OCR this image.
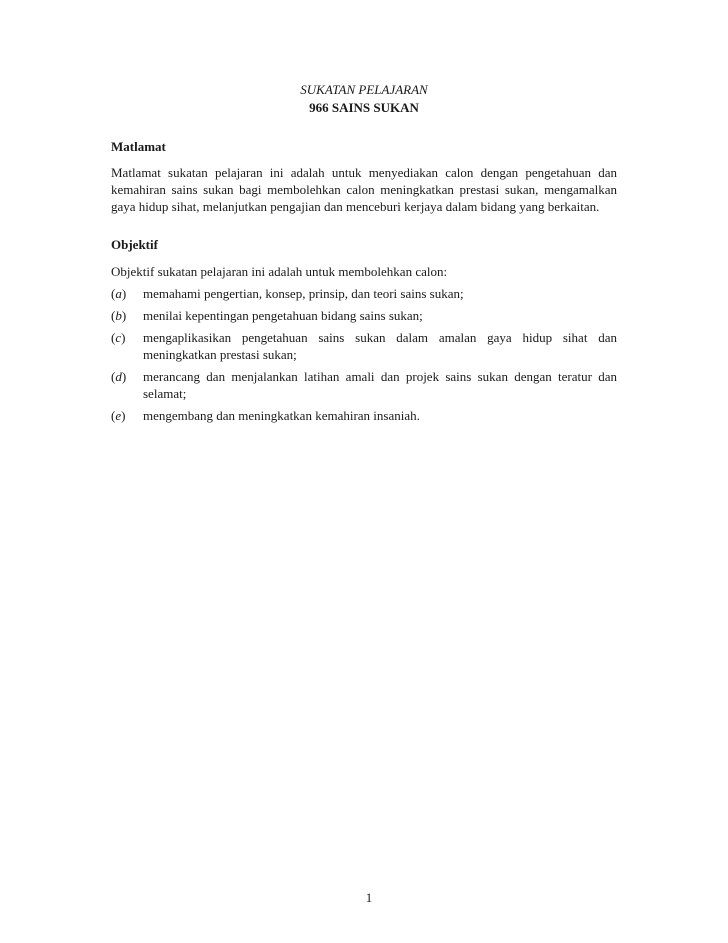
SUKATAN PELAJARAN
966 SAINS SUKAN

Matlamat

Matlamat sukatan pelajaran ini adalah untuk menyediakan calon dengan pengetahuan dan kemahiran sains sukan bagi membolehkan calon meningkatkan prestasi sukan, mengamalkan gaya hidup sihat, melanjutkan pengajian dan menceburi kerjaya dalam bidang yang berkaitan.

Objektif

Objektif sukatan pelajaran ini adalah untuk membolehkan calon:

(a)	memahami pengertian, konsep, prinsip, dan teori sains sukan;
(b)	menilai kepentingan pengetahuan bidang sains sukan;
(c)	mengaplikasikan pengetahuan sains sukan dalam amalan gaya hidup sihat dan meningkatkan prestasi sukan;
(d)	merancang dan menjalankan latihan amali dan projek sains sukan dengan teratur dan selamat;
(e)	mengembang dan meningkatkan kemahiran insaniah.
1
